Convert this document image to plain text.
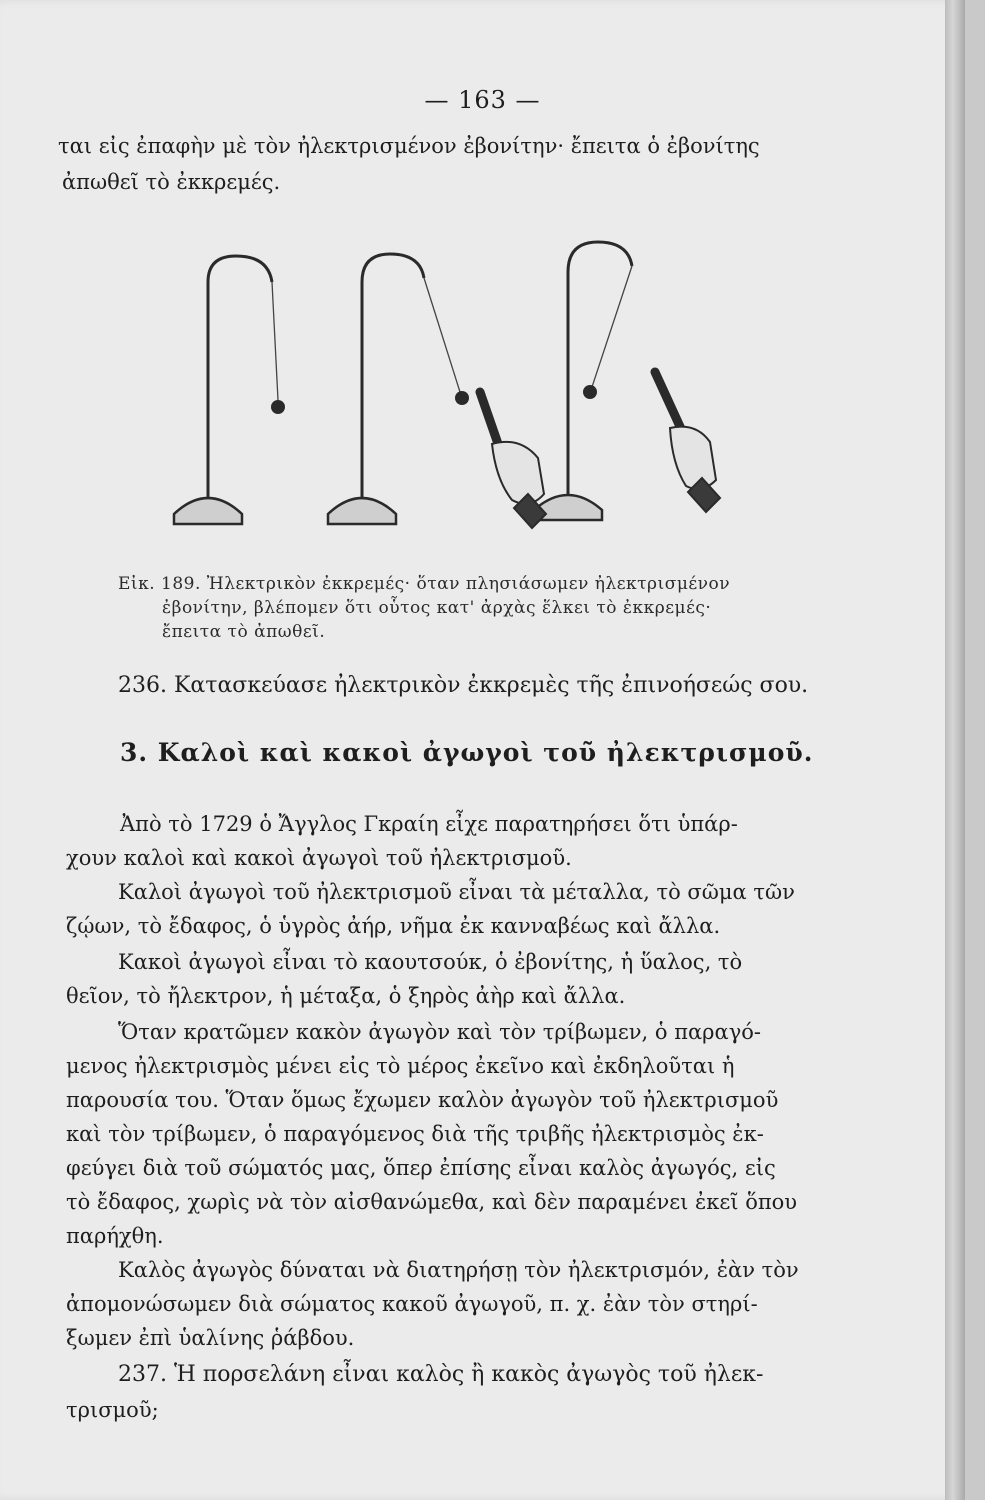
— 163 —
ται εἰς ἐπαφὴν μὲ τὸν ἠλεκτρισμένον ἐβονίτην· ἔπειτα ὁ ἐβονίτης
ἀπωθεῖ τὸ ἐκκρεμές.
Εἰκ. 189. Ἠλεκτρικὸν ἐκκρεμές· ὅταν πλησιάσωμεν ἠλεκτρισμένον
ἐβονίτην, βλέπομεν ὅτι οὗτος κατ' ἀρχὰς ἕλκει τὸ ἐκκρεμές·
ἔπειτα τὸ ἀπωθεῖ.
236. Κατασκεύασε ἠλεκτρικὸν ἐκκρεμὲς τῆς ἐπινοήσεώς σου.
3. Καλοὶ καὶ κακοὶ ἀγωγοὶ τοῦ ἠλεκτρισμοῦ.
Ἀπὸ τὸ 1729 ὁ Ἄγγλος Γκραίη εἶχε παρατηρήσει ὅτι ὑπάρ-
χουν καλοὶ καὶ κακοὶ ἀγωγοὶ τοῦ ἠλεκτρισμοῦ.
Καλοὶ ἀγωγοὶ τοῦ ἠλεκτρισμοῦ εἶναι τὰ μέταλλα, τὸ σῶμα τῶν
ζῴων, τὸ ἔδαφος, ὁ ὑγρὸς ἀήρ, νῆμα ἐκ κανναβέως καὶ ἄλλα.
Κακοὶ ἀγωγοὶ εἶναι τὸ καουτσούκ, ὁ ἐβονίτης, ἡ ὕαλος, τὸ
θεῖον, τὸ ἤλεκτρον, ἡ μέταξα, ὁ ξηρὸς ἀὴρ καὶ ἄλλα.
Ὅταν κρατῶμεν κακὸν ἀγωγὸν καὶ τὸν τρίβωμεν, ὁ παραγό-
μενος ἠλεκτρισμὸς μένει εἰς τὸ μέρος ἐκεῖνο καὶ ἐκδηλοῦται ἡ
παρουσία του. Ὅταν ὅμως ἔχωμεν καλὸν ἀγωγὸν τοῦ ἠλεκτρισμοῦ
καὶ τὸν τρίβωμεν, ὁ παραγόμενος διὰ τῆς τριβῆς ἠλεκτρισμὸς ἐκ-
φεύγει διὰ τοῦ σώματός μας, ὅπερ ἐπίσης εἶναι καλὸς ἀγωγός, εἰς
τὸ ἔδαφος, χωρὶς νὰ τὸν αἰσθανώμεθα, καὶ δὲν παραμένει ἐκεῖ ὅπου
παρήχθη.
Καλὸς ἀγωγὸς δύναται νὰ διατηρήσῃ τὸν ἠλεκτρισμόν, ἐὰν τὸν
ἀπομονώσωμεν διὰ σώματος κακοῦ ἀγωγοῦ, π. χ. ἐὰν τὸν στηρί-
ξωμεν ἐπὶ ὑαλίνης ῥάβδου.
237. Ἡ πορσελάνη εἶναι καλὸς ἢ κακὸς ἀγωγὸς τοῦ ἠλεκ-
τρισμοῦ;
